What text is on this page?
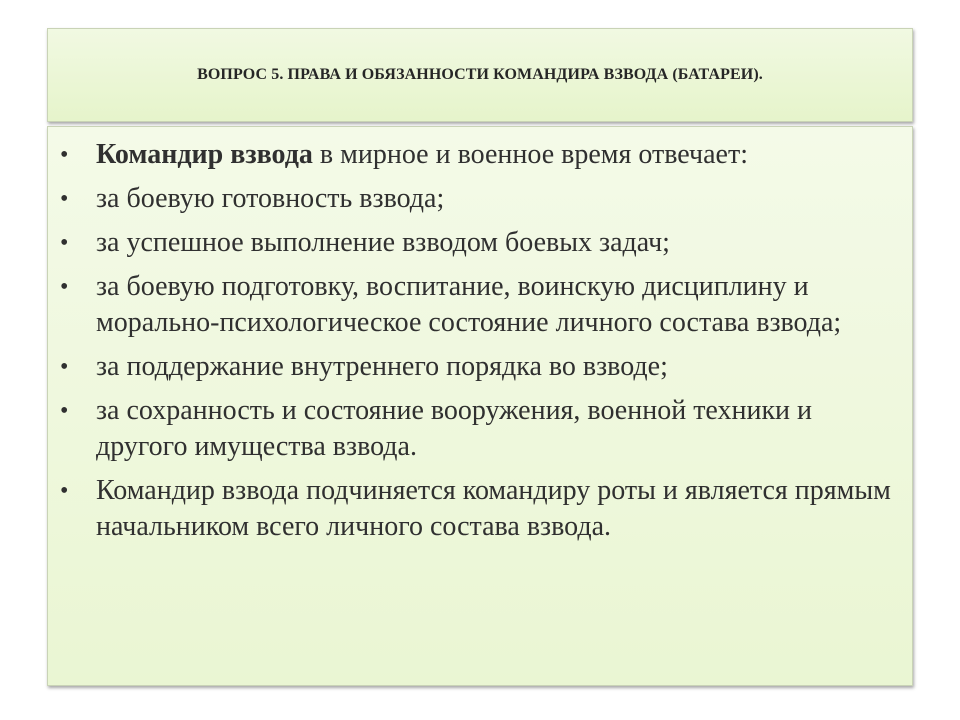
ВОПРОС 5. ПРАВА И ОБЯЗАННОСТИ КОМАНДИРА ВЗВОДА (БАТАРЕИ).
• Командир взвода в мирное и военное время отвечает:
• за боевую готовность взвода;
• за успешное выполнение взводом боевых задач;
• за боевую подготовку, воспитание, воинскую дисциплину и морально-психологическое состояние личного состава взвода;
• за поддержание внутреннего порядка во взводе;
• за сохранность и состояние вооружения, военной техники и другого имущества взвода.
• Командир взвода подчиняется командиру роты и является прямым начальником всего личного состава взвода.
